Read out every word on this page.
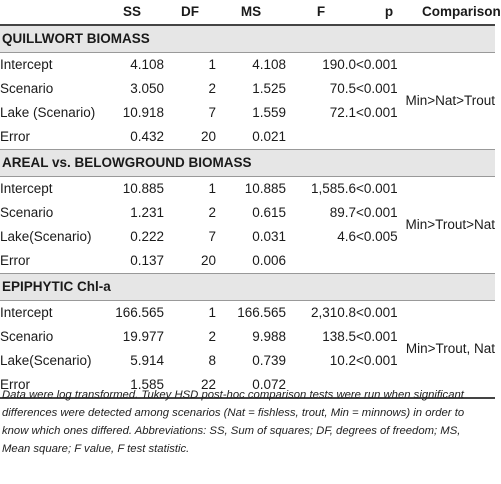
	SS	DF	MS	F	p	Comparison
QUILLWORT BIOMASS						
Intercept	4.108	1	4.108	190.0	<0.001	
Scenario	3.050	2	1.525	70.5	<0.001	Min>Nat>Trout

Lake (Scenario)	10.918	7	1.559	72.1	<0.001	
Error	0.432	20	0.021			
AREAL vs. BELOWGROUND BIOMASS						
Intercept	10.885	1	10.885	1,585.6	<0.001	
Scenario	1.231	2	0.615	89.7	<0.001	Min>Trout>Nat

Lake(Scenario)	0.222	7	0.031	4.6	<0.005	
Error	0.137	20	0.006			
EPIPHYTIC Chl-a						
Intercept	166.565	1	166.565	2,310.8	<0.001	
Scenario	19.977	2	9.988	138.5	<0.001	Min>Trout, Nat

Lake(Scenario)	5.914	8	0.739	10.2	<0.001	
Error	1.585	22	0.072			
Data were log transformed. Tukey HSD post-hoc comparison tests were run when significant differences were detected among scenarios (Nat = fishless, trout, Min = minnows) in order to know which ones differed. Abbreviations: SS, Sum of squares; DF, degrees of freedom; MS, Mean square; F value, F test statistic.
